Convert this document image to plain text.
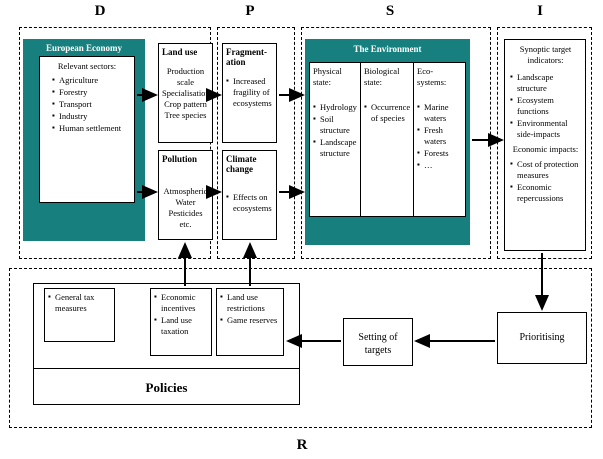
D	P	S	I
R
European Economy
Relevant sectors:
▪ Agriculture
▪ Forestry
▪ Transport
▪ Industry
▪ Human settlement
Land use
Production
scale
Specialisation
Crop pattern
Tree species
Pollution
Atmospheric
Water
Pesticides
etc.
Fragment-
ation
▪ Increased fragility of ecosystems
Climate
change
▪ Effects on ecosystems
The Environment
Physical state:
▪ Hydrology
▪ Soil structure
▪ Landscape structure
Biological state:
▪ Occurrence of species
Eco- systems:
▪ Marine waters
▪ Fresh waters
▪ Forests
▪ …
Synoptic target indicators:
▪ Landscape structure
▪ Ecosystem functions
▪ Environmental side-impacts
Economic impacts:
▪ Cost of protection measures
▪ Economic repercussions
Prioritising
Setting of targets
Policies
▪ General tax measures
▪ Economic incentives
▪ Land use taxation
▪ Land use restrictions
▪ Game reserves
